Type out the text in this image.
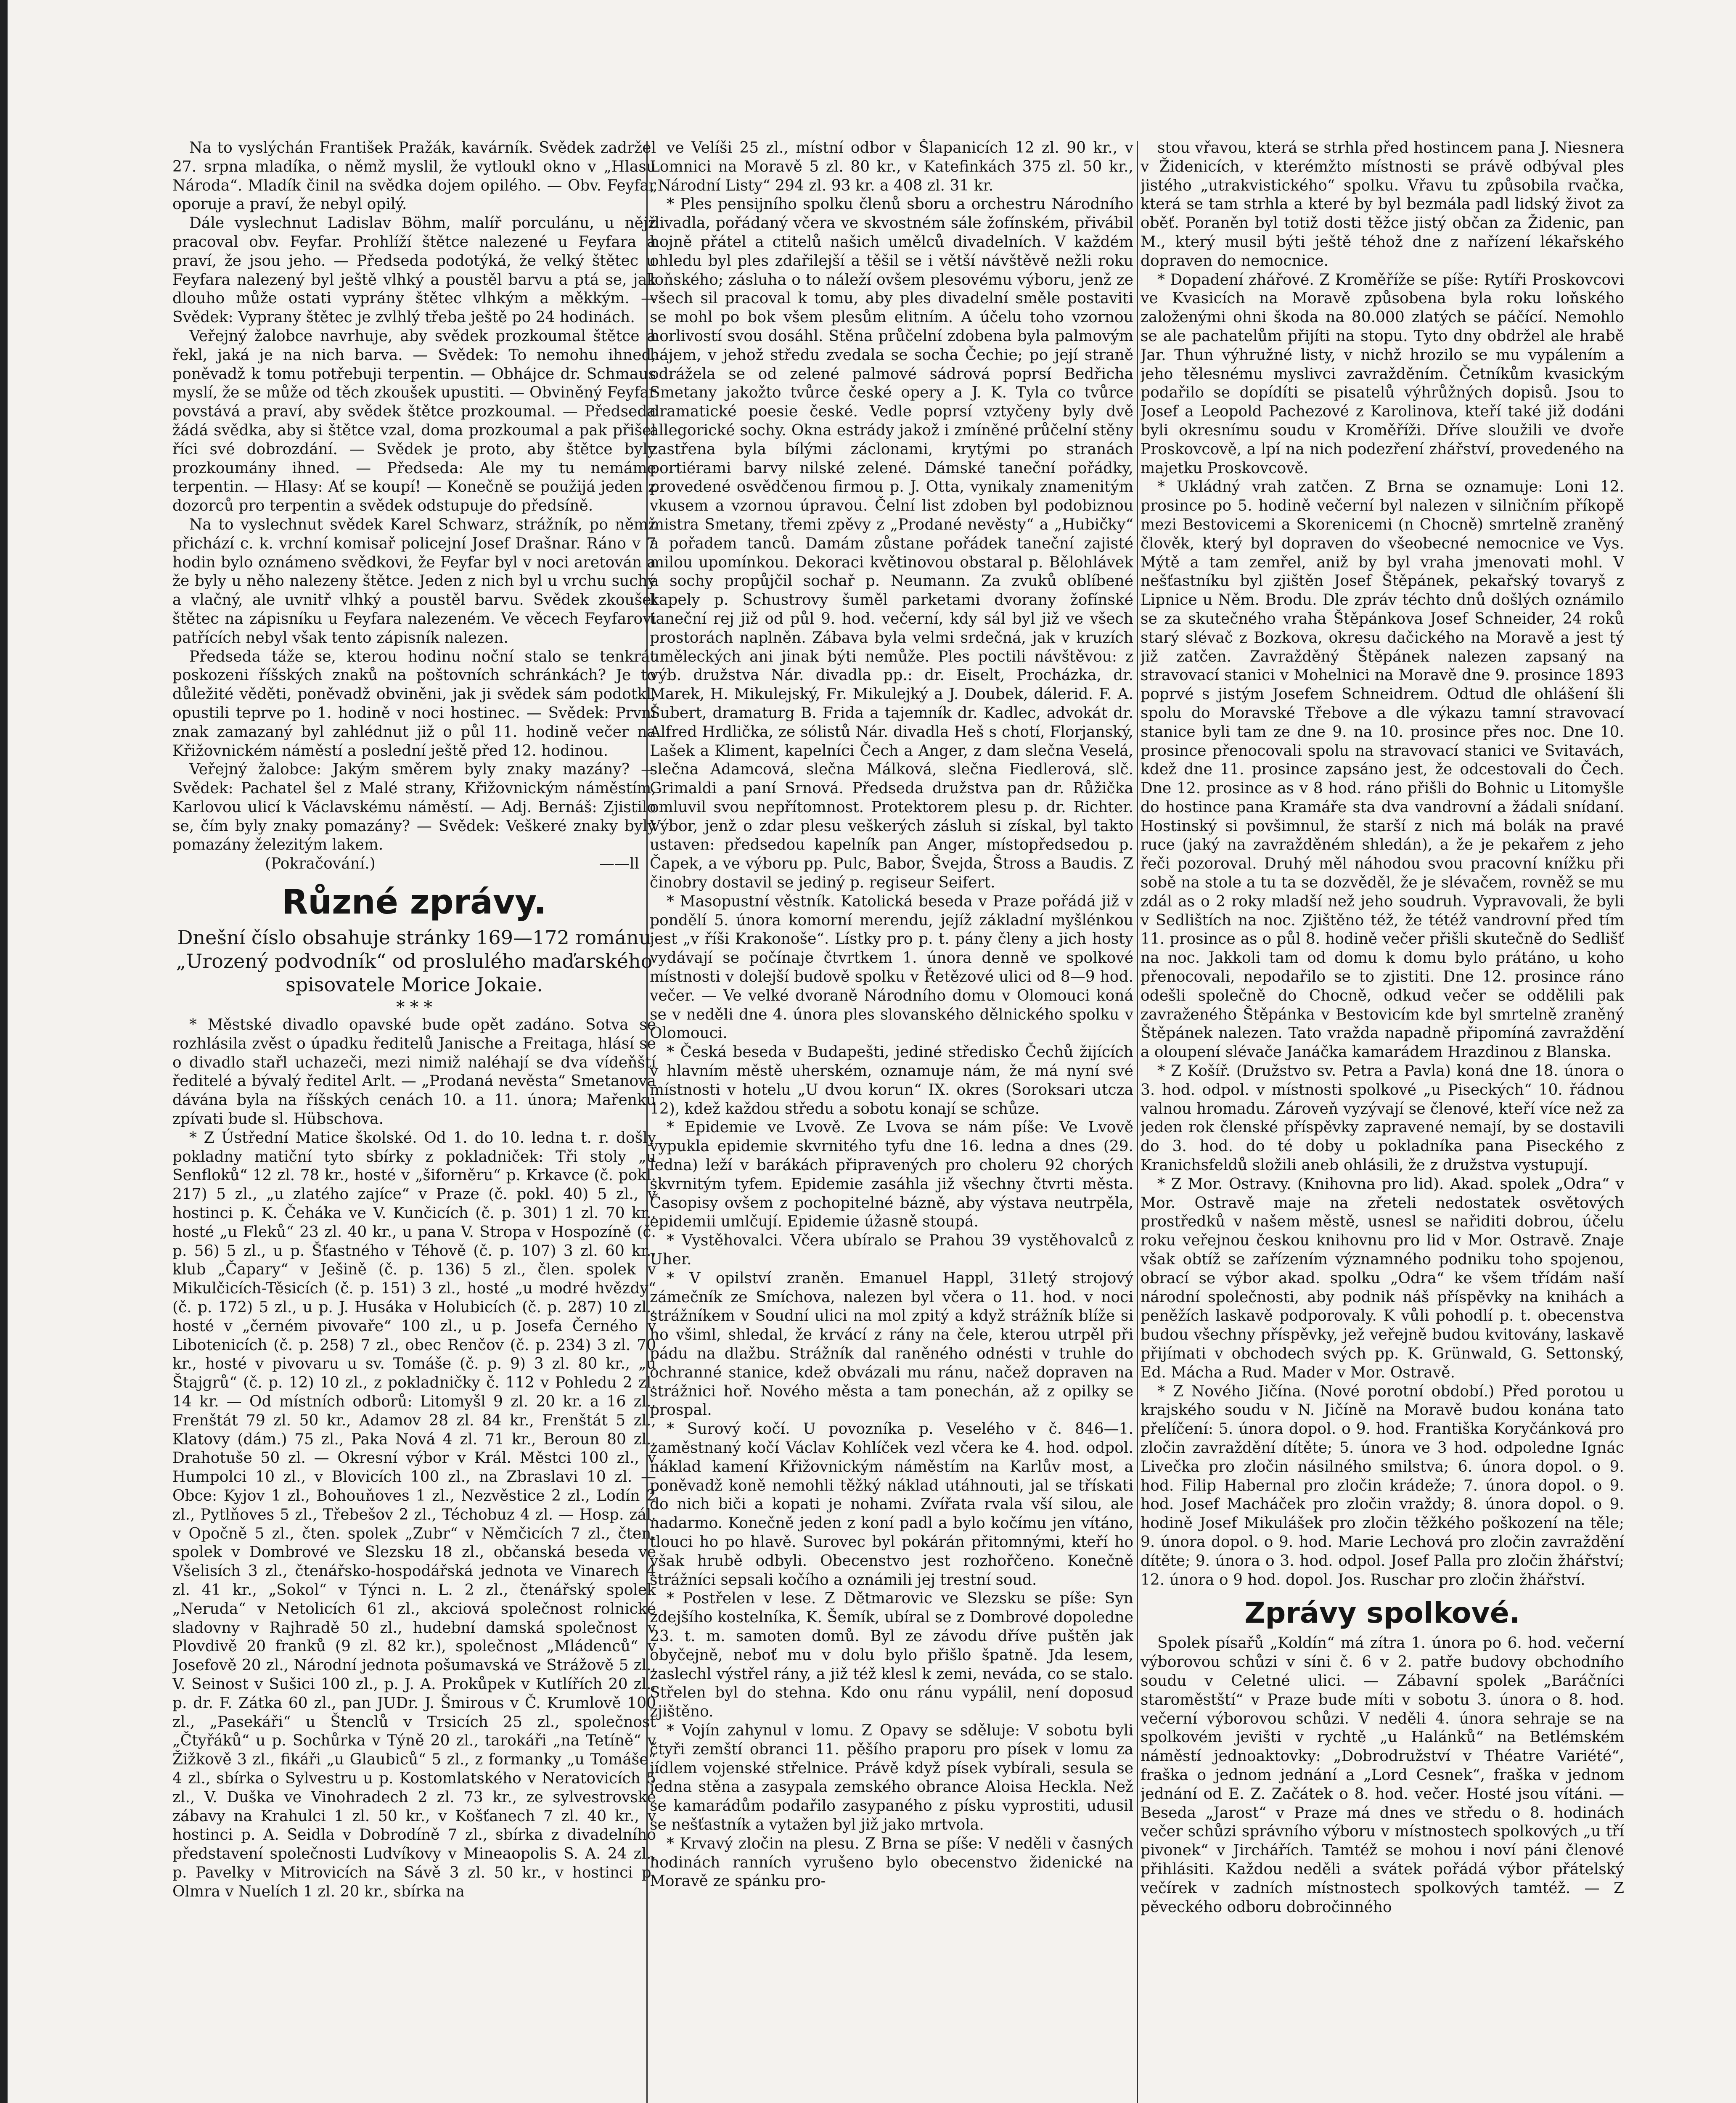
Na to vyslýchán František Pražák, kavárník. Svědek zadržel 27. srpna mladíka, o němž myslil, že vytloukl okno v „Hlasu Národa“. Mladík činil na svědka dojem opilého. — Obv. Feyfar oporuje a praví, že nebyl opilý.

Dále vyslechnut Ladislav Böhm, malíř porculánu, u nějž pracoval obv. Feyfar. Prohlíží štětce nalezené u Feyfara a praví, že jsou jeho. — Předseda podotýká, že velký štětec u Feyfara nalezený byl ještě vlhký a poustěl barvu a ptá se, jak dlouho může ostati vyprány štětec vlhkým a měkkým. — Svědek: Vyprany štětec je zvlhlý třeba ještě po 24 hodinách.

Veřejný žalobce navrhuje, aby svědek prozkoumal štětce a řekl, jaká je na nich barva. — Svědek: To nemohu ihned, poněvadž k tomu potřebuji terpentin. — Obhájce dr. Schmaus myslí, že se může od těch zkoušek upustiti. — Obviněný Feyfar povstává a praví, aby svědek štětce prozkoumal. — Předseda žádá svědka, aby si štětce vzal, doma prozkoumal a pak přišel říci své dobrozdání. — Svědek je proto, aby štětce byly prozkoumány ihned. — Předseda: Ale my tu nemáme terpentin. — Hlasy: Ať se koupí! — Konečně se použijá jeden z dozorců pro terpentin a svědek odstupuje do předsíně.

Na to vyslechnut svědek Karel Schwarz, strážník, po němž přichází c. k. vrchní komisař policejní Josef Drašnar. Ráno v 7 hodin bylo oznámeno svědkovi, že Feyfar byl v noci aretován a že byly u něho nalezeny štětce. Jeden z nich byl u vrchu suchý a vlačný, ale uvnitř vlhký a poustěl barvu. Svědek zkoušel štětec na zápisníku u Feyfara nalezeném. Ve věcech Feyfarovi patřících nebyl však tento zápisník nalezen.

Předseda táže se, kterou hodinu noční stalo se tenkrát poskozeni říšských znaků na poštovních schránkách? Je to důležité věděti, poněvadž obviněni, jak ji svědek sám podotkl, opustili teprve po 1. hodině v noci hostinec. — Svědek: První znak zamazaný byl zahlédnut již o půl 11. hodině večer na Křižovnickém náměstí a poslední ještě před 12. hodinou.

Veřejný žalobce: Jakým směrem byly znaky mazány? — Svědek: Pachatel šel z Malé strany, Křižovnickým náměstím, Karlovou ulicí k Václavskému náměstí. — Adj. Bernáš: Zjistilo se, čím byly znaky pomazány? — Svědek: Veškeré znaky byly pomazány železitým lakem.

(Pokračování.)	——ll
Různé zprávy.
Dnešní číslo obsahuje stránky 169—172 románu „Urozený podvodník“ od proslulého maďarského spisovatele Morice Jokaie.
* * *

* Městské divadlo opavské bude opět zadáno. Sotva se rozhlásila zvěst o úpadku ředitelů Janische a Freitaga, hlásí se o divadlo stařl uchazeči, mezi nimiž naléhají se dva vídeňští ředitelé a bývalý ředitel Arlt. — „Prodaná nevěsta“ Smetanova dávána byla na říšských cenách 10. a 11. února; Mařenku zpívati bude sl. Hübschova.

* Z Ústřední Matice školské. Od 1. do 10. ledna t. r. došly pokladny matiční tyto sbírky z pokladniček: Tři stoly „u Senfloků“ 12 zl. 78 kr., hosté v „šiforněru“ p. Krkavce (č. pokl. 217) 5 zl., „u zlatého zajíce“ v Praze (č. pokl. 40) 5 zl., v hostinci p. K. Čeháka ve V. Kunčicích (č. p. 301) 1 zl. 70 kr., hosté „u Fleků“ 23 zl. 40 kr., u pana V. Stropa v Hospozíně (č. p. 56) 5 zl., u p. Šťastného v Téhově (č. p. 107) 3 zl. 60 kr., klub „Čapary“ v Ješině (č. p. 136) 5 zl., člen. spolek v Mikulčicích-Těsicích (č. p. 151) 3 zl., hosté „u modré hvězdy“ (č. p. 172) 5 zl., u p. J. Husáka v Holubicích (č. p. 287) 10 zl., hosté v „černém pivovaře“ 100 zl., u p. Josefa Černého v Libotenicích (č. p. 258) 7 zl., obec Renčov (č. p. 234) 3 zl. 70 kr., hosté v pivovaru u sv. Tomáše (č. p. 9) 3 zl. 80 kr., „u Štajgrů“ (č. p. 12) 10 zl., z pokladničky č. 112 v Pohledu 2 zl. 14 kr. — Od místních odborů: Litomyšl 9 zl. 20 kr. a 16 zl., Frenštát 79 zl. 50 kr., Adamov 28 zl. 84 kr., Frenštát 5 zl., Klatovy (dám.) 75 zl., Paka Nová 4 zl. 71 kr., Beroun 80 zl., Drahotuše 50 zl. — Okresní výbor v Král. Městci 100 zl., v Humpolci 10 zl., v Blovicích 100 zl., na Zbraslavi 10 zl. — Obce: Kyjov 1 zl., Bohouňoves 1 zl., Nezvěstice 2 zl., Lodín 2 zl., Pytlňoves 5 zl., Třebešov 2 zl., Téchobuz 4 zl. — Hosp. zál. v Opočně 5 zl., čten. spolek „Zubr“ v Němčicích 7 zl., čten. spolek v Dombrové ve Slezsku 18 zl., občanská beseda ve Všelisích 3 zl., čtenářsko-hospodářská jednota ve Vinarech 4 zl. 41 kr., „Sokol“ v Týnci n. L. 2 zl., čtenářský spolek „Neruda“ v Netolicích 61 zl., akciová společnost rolnické sladovny v Rajhradě 50 zl., hudební damská společnost v Plovdivě 20 franků (9 zl. 82 kr.), společnost „Mládenců“ v Josefově 20 zl., Národní jednota pošumavská ve Strážově 5 zl., V. Seinost v Sušici 100 zl., p. J. A. Prokůpek v Kutlířích 20 zl., p. dr. F. Zátka 60 zl., pan JUDr. J. Šmirous v Č. Krumlově 100 zl., „Pasekáři“ u Štenclů v Trsicích 25 zl., společnost „Čtyřáků“ u p. Sochůrka v Týně 20 zl., tarokáři „na Tetíně“ v Žižkově 3 zl., fikáři „u Glaubiců“ 5 zl., z formanky „u Tomáše“ 4 zl., sbírka o Sylvestru u p. Kostomlatského v Neratovicích 5 zl., V. Duška ve Vinohradech 2 zl. 73 kr., ze sylvestrovské zábavy na Krahulci 1 zl. 50 kr., v Košťanech 7 zl. 40 kr., v hostinci p. A. Seidla v Dobrodíně 7 zl., sbírka z divadelního představení společnosti Ludvíkovy v Mineaopolis S. A. 24 zl., p. Pavelky v Mitrovicích na Sávě 3 zl. 50 kr., v hostinci p. Olmra v Nuelích 1 zl. 20 kr., sbírka na

ve Velíši 25 zl., místní odbor v Šlapanicích 12 zl. 90 kr., v Lomnici na Moravě 5 zl. 80 kr., v Katefinkách 375 zl. 50 kr., „Národní Listy“ 294 zl. 93 kr. a 408 zl. 31 kr.

* Ples pensijního spolku členů sboru a orchestru Národního divadla, pořádaný včera ve skvostném sále žofínském, přivábil hojně přátel a ctitelů našich umělců divadelních. V každém ohledu byl ples zdařilejší a těšil se i větší návštěvě nežli roku loňského; zásluha o to náleží ovšem plesovému výboru, jenž ze všech sil pracoval k tomu, aby ples divadelní směle postaviti se mohl po bok všem plesům elitním. A účelu toho vzornou horlivostí svou dosáhl. Stěna průčelní zdobena byla palmovým hájem, v jehož středu zvedala se socha Čechie; po její straně odrážela se od zelené palmové sádrová poprsí Bedřicha Smetany jakožto tvůrce české opery a J. K. Tyla co tvůrce dramatické poesie české. Vedle poprsí vztyčeny byly dvě allegorické sochy. Okna estrády jakož i zmíněné průčelní stěny zastřena byla bílými záclonami, krytými po stranách portiérami barvy nilské zelené. Dámské taneční pořádky, provedené osvědčenou firmou p. J. Otta, vynikaly znamenitým vkusem a vzornou úpravou. Čelní list zdoben byl podobiznou mistra Smetany, třemi zpěvy z „Prodané nevěsty“ a „Hubičky“ a pořadem tanců. Damám zůstane pořádek taneční zajisté milou upomínkou. Dekoraci květinovou obstaral p. Bělohlávek a sochy propůjčil sochař p. Neumann. Za zvuků oblíbené kapely p. Schustrovy šuměl parketami dvorany žofínské taneční rej již od půl 9. hod. večerní, kdy sál byl již ve všech prostorách naplněn. Zábava byla velmi srdečná, jak v kruzích uměleckých ani jinak býti nemůže. Ples poctili návštěvou: z výb. družstva Nár. divadla pp.: dr. Eiselt, Procházka, dr. Marek, H. Mikulejský, Fr. Mikulejký a J. Doubek, dálerid. F. A. Šubert, dramaturg B. Frida a tajemník dr. Kadlec, advokát dr. Alfred Hrdlička, ze sólistů Nár. divadla Heš s chotí, Florjanský, Lašek a Kliment, kapelníci Čech a Anger, z dam slečna Veselá, slečna Adamcová, slečna Málková, slečna Fiedlerová, slč. Grimaldi a paní Srnová. Předseda družstva pan dr. Růžička omluvil svou nepřítomnost. Protektorem plesu p. dr. Richter. Výbor, jenž o zdar plesu veškerých zásluh si získal, byl takto ustaven: předsedou kapelník pan Anger, místopředsedou p. Čapek, a ve výboru pp. Pulc, Babor, Švejda, Štross a Baudis. Z činobry dostavil se jediný p. regiseur Seifert.

* Masopustní věstník. Katolická beseda v Praze pořádá již v pondělí 5. února komorní merendu, jejíž základní myšlénkou jest „v říši Krakonoše“. Lístky pro p. t. pány členy a jich hosty vydávají se počínaje čtvrtkem 1. února denně ve spolkové místnosti v dolejší budově spolku v Řetězové ulici od 8—9 hod. večer. — Ve velké dvoraně Národního domu v Olomouci koná se v neděli dne 4. února ples slovanského dělnického spolku v Olomouci.

* Česká beseda v Budapešti, jediné středisko Čechů žijících v hlavním městě uherském, oznamuje nám, že má nyní své místnosti v hotelu „U dvou korun“ IX. okres (Soroksari utcza 12), kdež každou středu a sobotu konají se schůze.

* Epidemie ve Lvově. Ze Lvova se nám píše: Ve Lvově vypukla epidemie skvrnitého tyfu dne 16. ledna a dnes (29. ledna) leží v barákách připravených pro choleru 92 chorých skvrnitým tyfem. Epidemie zasáhla již všechny čtvrti města. Časopisy ovšem z pochopitelné bázně, aby výstava neutrpěla, epidemii umlčují. Epidemie úžasně stoupá.

* Vystěhovalci. Včera ubíralo se Prahou 39 vystěhovalců z Uher.

* V opilství zraněn. Emanuel Happl, 31letý strojový zámečník ze Smíchova, nalezen byl včera o 11. hod. v noci strážníkem v Soudní ulici na mol zpitý a když strážník blíže si ho všiml, shledal, že krvácí z rány na čele, kterou utrpěl při pádu na dlažbu. Strážník dal raněného odnésti v truhle do ochranné stanice, kdež obvázali mu ránu, načež dopraven na strážnici hoř. Nového města a tam ponechán, až z opilky se prospal.

* Surový kočí. U povozníka p. Veselého v č. 846—1. zaměstnaný kočí Václav Kohlíček vezl včera ke 4. hod. odpol. náklad kamení Křižovnickým náměstím na Karlův most, a poněvadž koně nemohli těžký náklad utáhnouti, jal se třískati do nich biči a kopati je nohami. Zvířata rvala vší silou, ale nadarmo. Konečně jeden z koní padl a bylo kočímu jen vítáno, tlouci ho po hlavě. Surovec byl pokárán přitomnými, kteří ho však hrubě odbyli. Obecenstvo jest rozhořčeno. Konečně strážníci sepsali kočího a oznámili jej trestní soud.

* Postřelen v lese. Z Dětmarovic ve Slezsku se píše: Syn zdejšího kostelníka, K. Šemík, ubíral se z Dombrové dopoledne 23. t. m. samoten domů. Byl ze závodu dříve puštěn jak obyčejně, neboť mu v dolu bylo přišlo špatně. Jda lesem, zaslechl výstřel rány, a již též klesl k zemi, neváda, co se stalo. Střelen byl do stehna. Kdo onu ránu vypálil, není doposud zjištěno.

* Vojín zahynul v lomu. Z Opavy se sděluje: V sobotu byli čtyři zemští obranci 11. pěšího praporu pro písek v lomu za jídlem vojenské střelnice. Právě když písek vybírali, sesula se jedna stěna a zasypala zemského obrance Aloisa Heckla. Než se kamarádům podařilo zasypaného z písku vyprostiti, udusil se nešťastník a vytažen byl již jako mrtvola.

* Krvavý zločin na plesu. Z Brna se píše: V neděli v časných hodinách ranních vyrušeno bylo obecenstvo židenické na Moravě ze spánku pro-

stou vřavou, která se strhla před hostincem pana J. Niesnera v Židenicích, v kterémžto místnosti se právě odbýval ples jistého „utrakvistického“ spolku. Vřavu tu způsobila rvačka, která se tam strhla a které by byl bezmála padl lidský život za oběť. Poraněn byl totiž dosti těžce jistý občan za Židenic, pan M., který musil býti ještě téhož dne z nařízení lékařského dopraven do nemocnice.

* Dopadení zhářové. Z Kroměříže se píše: Rytíři Proskovcovi ve Kvasicích na Moravě způsobena byla roku loňského založenými ohni škoda na 80.000 zlatých se páčící. Nemohlo se ale pachatelům přijíti na stopu. Tyto dny obdržel ale hrabě Jar. Thun výhružné listy, v nichž hrozilo se mu vypálením a jeho tělesnému myslivci zavražděním. Četníkům kvasickým podařilo se dopídíti se pisatelů výhrůžných dopisů. Jsou to Josef a Leopold Pachezové z Karolinova, kteří také již dodáni byli okresnímu soudu v Kroměříži. Dříve sloužili ve dvoře Proskovcově, a lpí na nich podezření zhářství, provedeného na majetku Proskovcově.

* Ukládný vrah zatčen. Z Brna se oznamuje: Loni 12. prosince po 5. hodině večerní byl nalezen v silničním příkopě mezi Bestovicemi a Skorenicemi (n Chocně) smrtelně zraněný člověk, který byl dopraven do všeobecné nemocnice ve Vys. Mýtě a tam zemřel, aniž by byl vraha jmenovati mohl. V nešťastníku byl zjištěn Josef Štěpánek, pekařský tovaryš z Lipnice u Něm. Brodu. Dle zpráv téchto dnů došlých oznámilo se za skutečného vraha Štěpánkova Josef Schneider, 24 roků starý slévač z Bozkova, okresu dačického na Moravě a jest tý již zatčen. Zavražděný Štěpánek nalezen zapsaný na stravovací stanici v Mohelnici na Moravě dne 9. prosince 1893 poprvé s jistým Josefem Schneidrem. Odtud dle ohlášení šli spolu do Moravské Třebove a dle výkazu tamní stravovací stanice byli tam ze dne 9. na 10. prosince přes noc. Dne 10. prosince přenocovali spolu na stravovací stanici ve Svitavách, kdež dne 11. prosince zapsáno jest, že odcestovali do Čech. Dne 12. prosince as v 8 hod. ráno přišli do Bohnic u Litomyšle do hostince pana Kramáře sta dva vandrovní a žádali snídaní. Hostinský si povšimnul, že starší z nich má bolák na pravé ruce (jaký na zavražděném shledán), a že je pekařem z jeho řeči pozoroval. Druhý měl náhodou svou pracovní knížku při sobě na stole a tu ta se dozvěděl, že je slévačem, rovněž se mu zdál as o 2 roky mladší než jeho soudruh. Vypravovali, že byli v Sedlištích na noc. Zjištěno též, že tétéž vandrovní před tím 11. prosince as o půl 8. hodině večer přišli skutečně do Sedlišť na noc. Jakkoli tam od domu k domu bylo prátáno, u koho přenocovali, nepodařilo se to zjistiti. Dne 12. prosince ráno odešli společně do Chocně, odkud večer se oddělili pak zavraženého Štěpánka v Bestovicím kde byl smrtelně zraněný Štěpánek nalezen. Tato vražda napadně připomíná zavraždění a oloupení slévače Janáčka kamarádem Hrazdinou z Blanska.

* Z Košíř. (Družstvo sv. Petra a Pavla) koná dne 18. února o 3. hod. odpol. v místnosti spolkové „u Piseckých“ 10. řádnou valnou hromadu. Zároveň vyzývají se členové, kteří více než za jeden rok členské příspěvky zapravené nemají, by se dostavili do 3. hod. do té doby u pokladníka pana Piseckého z Kranichsfeldů složili aneb ohlásili, že z družstva vystupují.

* Z Mor. Ostravy. (Knihovna pro lid). Akad. spolek „Odra“ v Mor. Ostravě maje na zřeteli nedostatek osvětových prostředků v našem městě, usnesl se nařiditi dobrou, účelu roku veřejnou českou knihovnu pro lid v Mor. Ostravě. Znaje však obtíž se zařízením významného podniku toho spojenou, obrací se výbor akad. spolku „Odra“ ke všem třídám naší národní společnosti, aby podnik náš příspěvky na knihách a peněžích laskavě podporovaly. K vůli pohodlí p. t. obecenstva budou všechny příspěvky, jež veřejně budou kvitovány, laskavě přijímati v obchodech svých pp. K. Grünwald, G. Settonský, Ed. Mácha a Rud. Mader v Mor. Ostravě.

* Z Nového Jičína. (Nové porotní období.) Před porotou u krajského soudu v N. Jičíně na Moravě budou konána tato přelíčení: 5. února dopol. o 9. hod. Františka Koryčánková pro zločin zavraždění dítěte; 5. února ve 3 hod. odpoledne Ignác Livečka pro zločin násilného smilstva; 6. února dopol. o 9. hod. Filip Habernal pro zločin krádeže; 7. února dopol. o 9. hod. Josef Macháček pro zločin vraždy; 8. února dopol. o 9. hodině Josef Mikulášek pro zločin těžkého poškození na těle; 9. února dopol. o 9. hod. Marie Lechová pro zločin zavraždění dítěte; 9. února o 3. hod. odpol. Josef Palla pro zločin žhářství; 12. února o 9 hod. dopol. Jos. Ruschar pro zločin žhářství.

Zprávy spolkové.

Spolek písařů „Koldín“ má zítra 1. února po 6. hod. večerní výborovou schůzi v síni č. 6 v 2. patře budovy obchodního soudu v Celetné ulici. — Zábavní spolek „Baráčníci staroměstští“ v Praze bude míti v sobotu 3. února o 8. hod. večerní výborovou schůzi. V neděli 4. února sehraje se na spolkovém jevišti v rychtě „u Halánků“ na Betlémském náměstí jednoaktovky: „Dobrodružství v Théatre Variété“, fraška o jednom jednání a „Lord Cesnek“, fraška v jednom jednání od E. Z. Začátek o 8. hod. večer. Hosté jsou vítáni. — Beseda „Jarost“ v Praze má dnes ve středu o 8. hodinách večer schůzi správního výboru v místnostech spolkových „u tří pivonek“ v Jirchářích. Tamtéž se mohou i noví páni členové přihlásiti. Každou neděli a svátek pořádá výbor přátelský večírek v zadních místnostech spolkových tamtéž. — Z pěveckého odboru dobročinného
